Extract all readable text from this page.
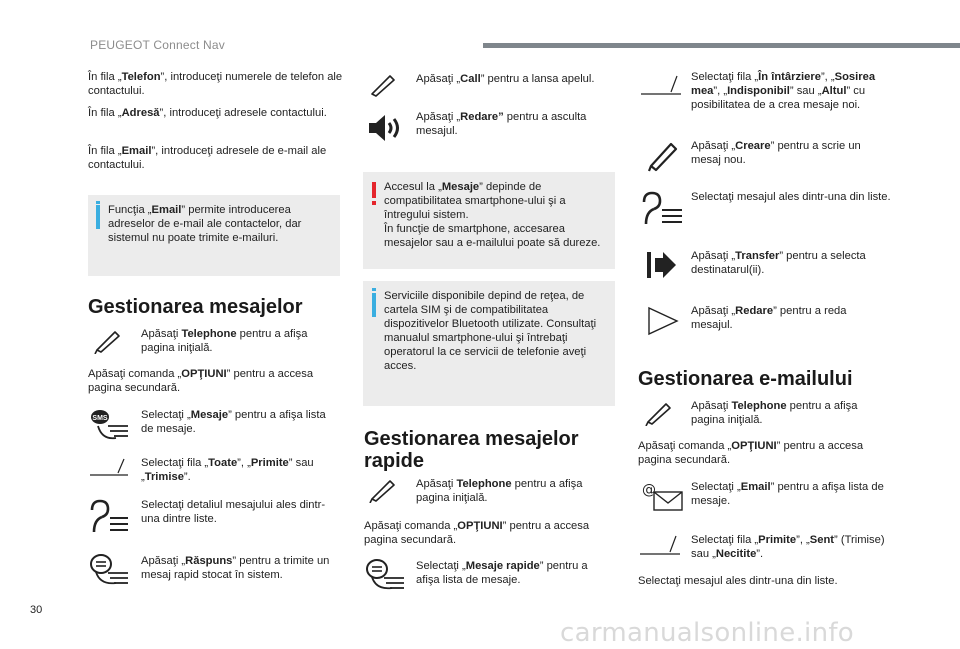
PEUGEOT Connect Nav
În fila „Telefon”, introduceţi numerele de telefon ale contactului.
În fila „Adresă”, introduceţi adresele contactului.
În fila „Email”, introduceţi adresele de e-mail ale contactului.
Funcţia „Email” permite introducerea adreselor de e-mail ale contactelor, dar sistemul nu poate trimite e-mailuri.
Gestionarea mesajelor
Apăsaţi Telephone pentru a afişa pagina iniţială.
Apăsaţi comanda „OPŢIUNI” pentru a accesa pagina secundară.
SMS	Selectaţi „Mesaje” pentru a afişa lista de mesaje.
Selectaţi fila „Toate”, „Primite” sau „Trimise”.
Selectaţi detaliul mesajului ales dintr-una dintre liste.
Apăsaţi „Răspuns” pentru a trimite un mesaj rapid stocat în sistem.
Apăsaţi „Call” pentru a lansa apelul.
Apăsaţi „Redare” pentru a asculta mesajul.
Accesul la „Mesaje” depinde de compatibilitatea smartphone-ului şi a întregului sistem.
În funcţie de smartphone, accesarea mesajelor sau a e-mailului poate să dureze.
Serviciile disponibile depind de reţea, de cartela SIM şi de compatibilitatea dispozitivelor Bluetooth utilizate. Consultaţi manualul smartphone-ului şi întrebaţi operatorul la ce servicii de telefonie aveţi acces.
Gestionarea mesajelor rapide
Apăsaţi Telephone pentru a afişa pagina iniţială.
Apăsaţi comanda „OPŢIUNI” pentru a accesa pagina secundară.
Selectaţi „Mesaje rapide” pentru a afişa lista de mesaje.
Selectaţi fila „În întârziere”, „Sosirea mea”, „Indisponibil” sau „Altul” cu posibilitatea de a crea mesaje noi.
Apăsaţi „Creare” pentru a scrie un mesaj nou.
Selectaţi mesajul ales dintr-una din liste.
Apăsaţi „Transfer” pentru a selecta destinatarul(ii).
Apăsaţi „Redare” pentru a reda mesajul.
Gestionarea e-mailului
Apăsaţi Telephone pentru a afişa pagina iniţială.
Apăsaţi comanda „OPŢIUNI” pentru a accesa pagina secundară.
@	Selectaţi „Email” pentru a afişa lista de mesaje.
Selectaţi fila „Primite”, „Sent” (Trimise) sau „Necitite”.
Selectaţi mesajul ales dintr-una din liste.
30
carmanualsonline.info
